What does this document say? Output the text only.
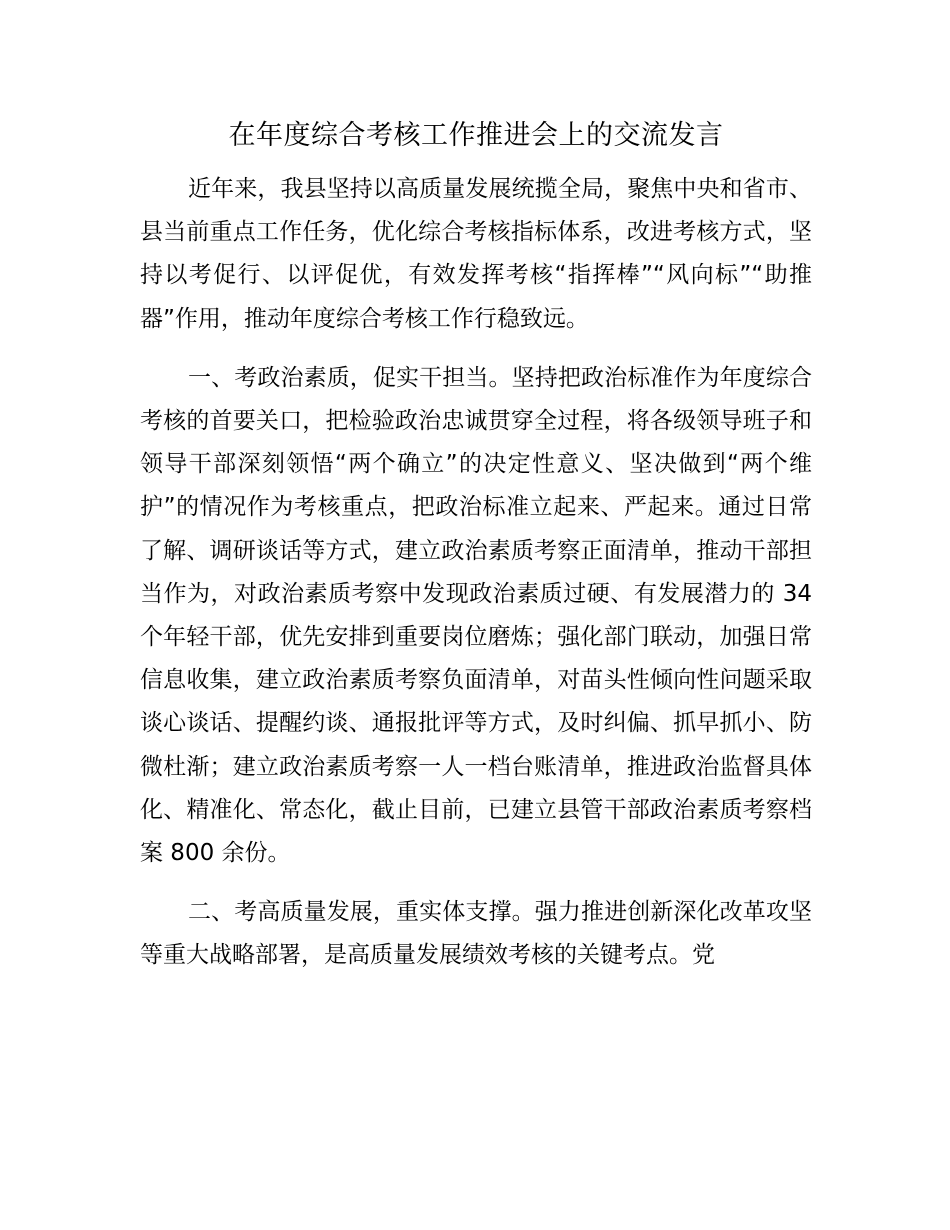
在年度综合考核工作推进会上的交流发言

近年来，我县坚持以高质量发展统揽全局，聚焦中央和省市、县当前重点工作任务，优化综合考核指标体系，改进考核方式，坚持以考促行、以评促优，有效发挥考核“指挥棒”“风向标”“助推器”作用，推动年度综合考核工作行稳致远。

一、考政治素质，促实干担当。坚持把政治标准作为年度综合考核的首要关口，把检验政治忠诚贯穿全过程，将各级领导班子和领导干部深刻领悟“两个确立”的决定性意义、坚决做到“两个维护”的情况作为考核重点，把政治标准立起来、严起来。通过日常了解、调研谈话等方式，建立政治素质考察正面清单，推动干部担当作为，对政治素质考察中发现政治素质过硬、有发展潜力的 34 个年轻干部，优先安排到重要岗位磨炼；强化部门联动，加强日常信息收集，建立政治素质考察负面清单，对苗头性倾向性问题采取谈心谈话、提醒约谈、通报批评等方式，及时纠偏、抓早抓小、防微杜渐；建立政治素质考察一人一档台账清单，推进政治监督具体化、精准化、常态化，截止目前，已建立县管干部政治素质考察档案 800 余份。

二、考高质量发展，重实体支撑。强力推进创新深化改革攻坚等重大战略部署，是高质量发展绩效考核的关键考点。党
